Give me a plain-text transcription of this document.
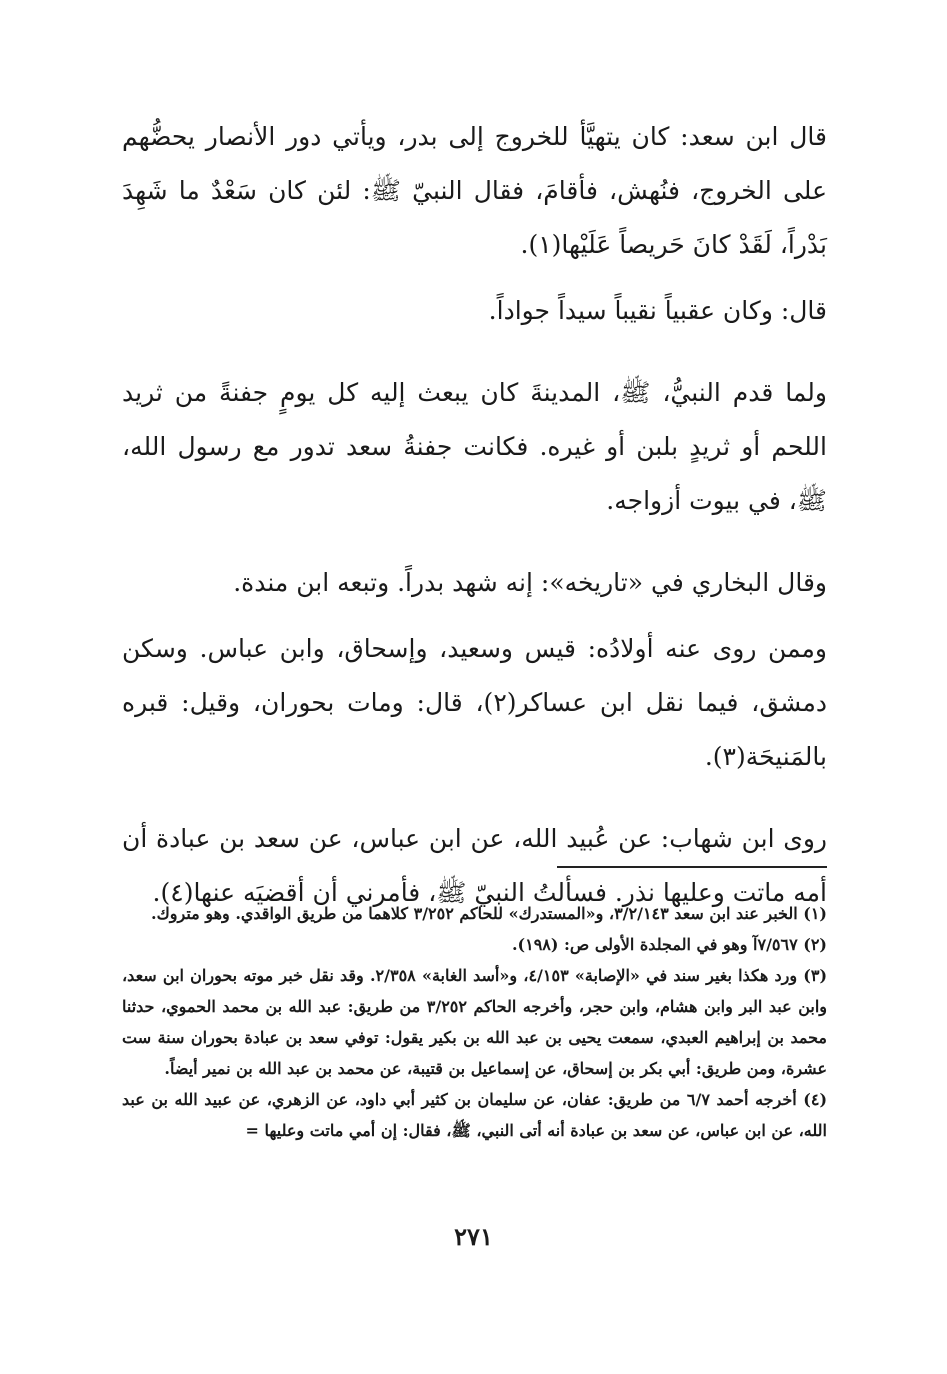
قال ابن سعد: كان يتهيَّأ للخروج إلى بدر، ويأتي دور الأنصار يحضُّهم على الخروج، فنُهش، فأقامَ، فقال النبيّ ﷺ: لئن كان سَعْدٌ ما شَهِدَ بَدْراً، لَقَدْ كانَ حَريصاً عَلَيْها(١).

قال: وكان عقبياً نقيباً سيداً جواداً.

ولما قدم النبيُّ، ﷺ، المدينةَ كان يبعث إليه كل يومٍ جفنةً من ثريد اللحم أو ثريدٍ بلبن أو غيره. فكانت جفنةُ سعد تدور مع رسول الله، ﷺ، في بيوت أزواجه.

وقال البخاري في «تاريخه»: إنه شهد بدراً. وتبعه ابن مندة.

وممن روى عنه أولادُه: قيس وسعيد، وإسحاق، وابن عباس. وسكن دمشق، فيما نقل ابن عساكر(٢)، قال: ومات بحوران، وقيل: قبره بالمَنيحَة(٣).

روى ابن شهاب: عن عُبيد الله، عن ابن عباس، عن سعد بن عبادة أن أمه ماتت وعليها نذر. فسألتُ النبيّ ﷺ، فأمرني أن أقضيَه عنها(٤).

(١) الخبر عند ابن سعد ٣/٢/١٤٣، و«المستدرك» للحاكم ٣/٢٥٢ كلاهما من طريق الواقدي. وهو متروك.

(٢) ٧/٥٦٧آ وهو في المجلدة الأولى ص: (١٩٨).

(٣) ورد هكذا بغير سند في «الإصابة» ٤/١٥٣، و«أسد الغابة» ٢/٣٥٨. وقد نقل خبر موته بحوران ابن سعد، وابن عبد البر وابن هشام، وابن حجر، وأخرجه الحاكم ٣/٢٥٢ من طريق: عبد الله بن محمد الحموي، حدثنا محمد بن إبراهيم العبدي، سمعت يحيى بن عبد الله بن بكير يقول: توفي سعد بن عبادة بحوران سنة ست عشرة، ومن طريق: أبي بكر بن إسحاق، عن إسماعيل بن قتيبة، عن محمد بن عبد الله بن نمير أيضاً.

(٤) أخرجه أحمد ٦/٧ من طريق: عفان، عن سليمان بن كثير أبي داود، عن الزهري، عن عبيد الله بن عبد الله، عن ابن عباس، عن سعد بن عبادة أنه أتى النبي، ﷺ، فقال: إن أمي ماتت وعليها =

٢٧١
